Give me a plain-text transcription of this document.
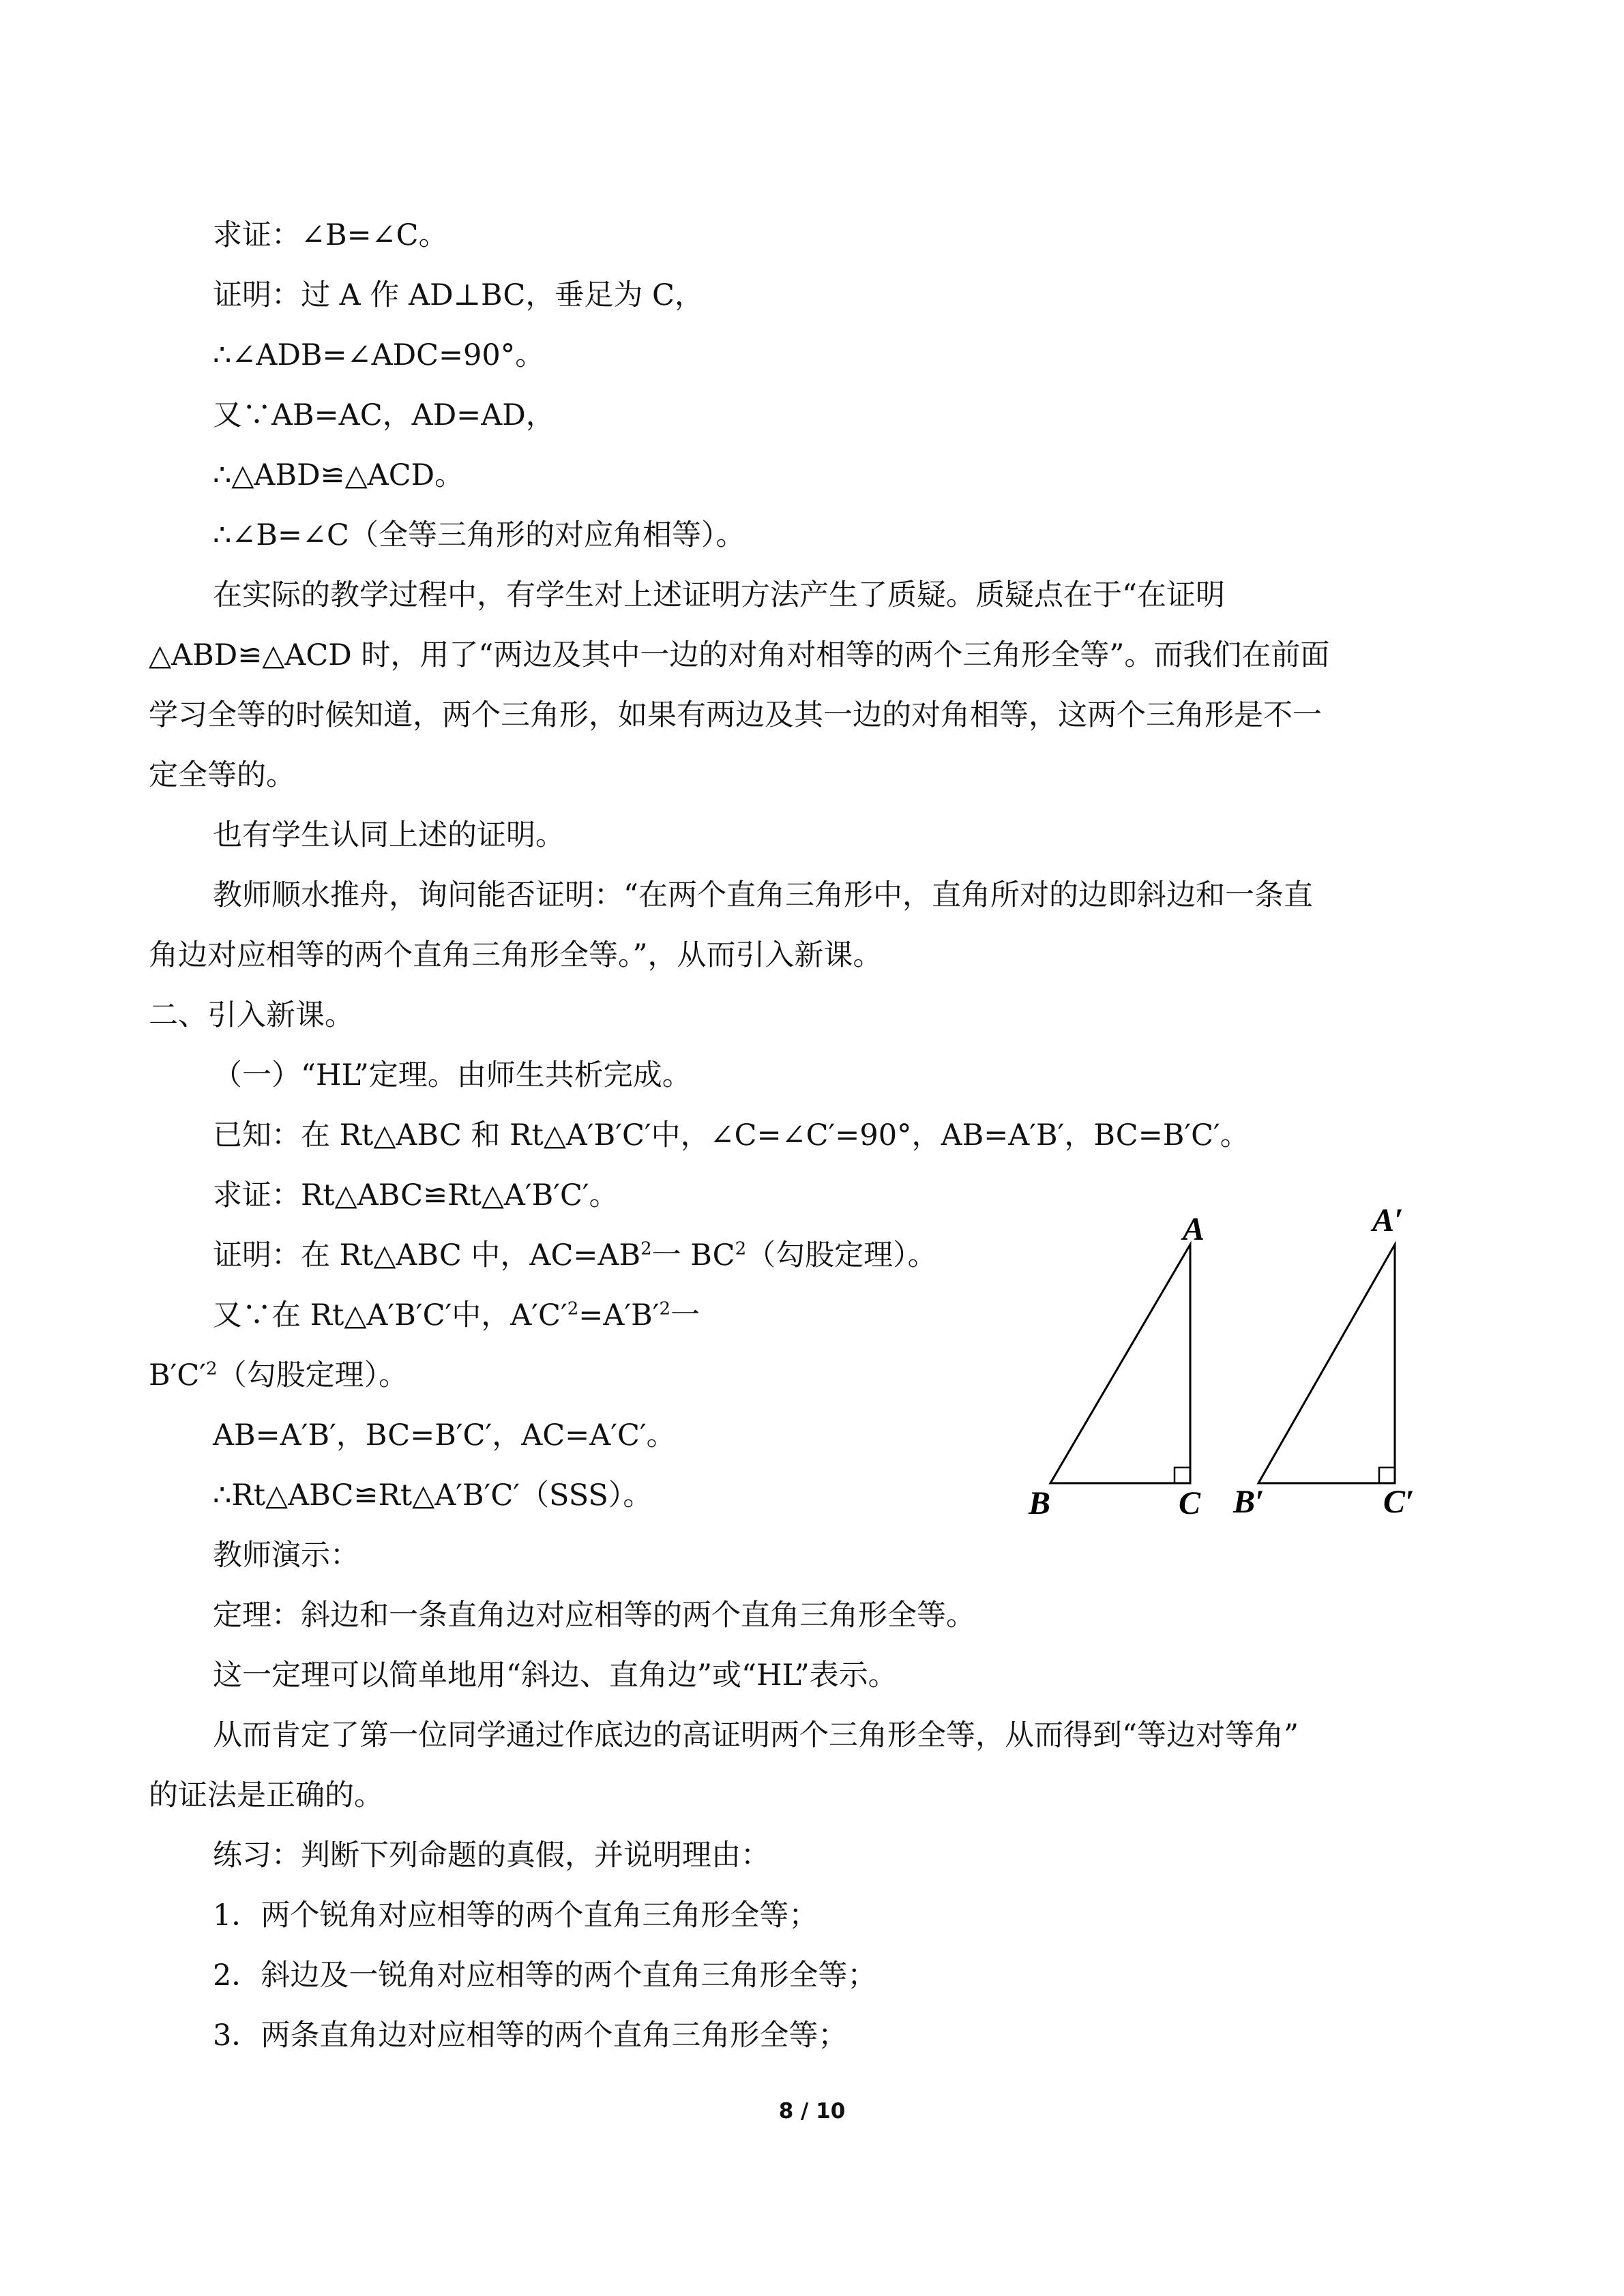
求证：∠B=∠C。
证明：过 A 作 AD⊥BC，垂足为 C，
∴∠ADB=∠ADC=90°。
又∵AB=AC，AD=AD，
∴△ABD≌△ACD。
∴∠B=∠C（全等三角形的对应角相等）。
在实际的教学过程中，有学生对上述证明方法产生了质疑。质疑点在于“在证明
△ABD≌△ACD 时，用了“两边及其中一边的对角对相等的两个三角形全等”。而我们在前面
学习全等的时候知道，两个三角形，如果有两边及其一边的对角相等，这两个三角形是不一
定全等的。
也有学生认同上述的证明。
教师顺水推舟，询问能否证明：“在两个直角三角形中，直角所对的边即斜边和一条直
角边对应相等的两个直角三角形全等。”，从而引入新课。
二、引入新课。
（一）“HL”定理。由师生共析完成。
已知：在 Rt△ABC 和 Rt△A′B′C′中，∠C=∠C′=90°，AB=A′B′，BC=B′C′。
求证：Rt△ABC≌Rt△A′B′C′。
证明：在 Rt△ABC 中，$AC=AB^2$一 $BC^2$（勾股定理）。
又∵在 Rt△A′B′C′中，$A'C'^2=A'B'^2$一
$B'C'^2$（勾股定理）。
AB=A′B′，BC=B′C′，AC=A′C′。
∴Rt△ABC≌Rt△A′B′C′（SSS）。
教师演示：
定理：斜边和一条直角边对应相等的两个直角三角形全等。
这一定理可以简单地用“斜边、直角边”或“HL”表示。
从而肯定了第一位同学通过作底边的高证明两个三角形全等，从而得到“等边对等角”
的证法是正确的。
练习：判断下列命题的真假，并说明理由：
1．两个锐角对应相等的两个直角三角形全等；
2．斜边及一锐角对应相等的两个直角三角形全等；
3．两条直角边对应相等的两个直角三角形全等；
A
B	C
A′
B′	C′
8 / 10
